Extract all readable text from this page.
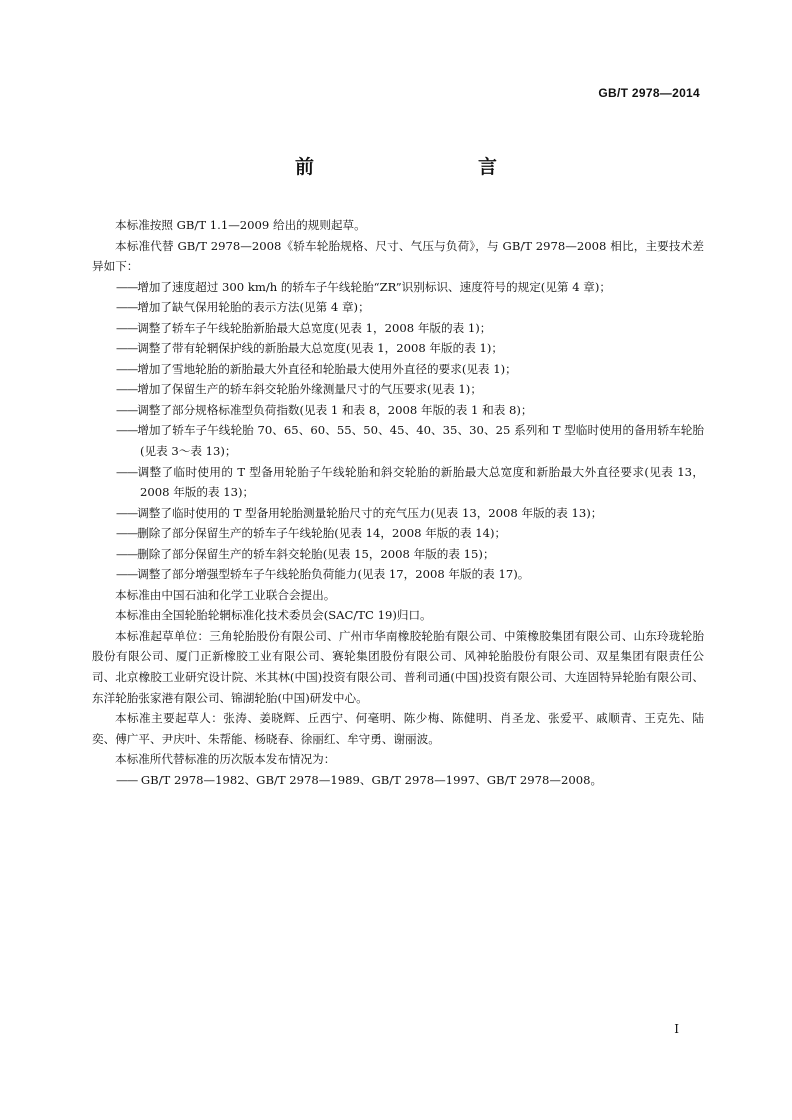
GB/T 2978—2014
前　　言
本标准按照 GB/T 1.1—2009 给出的规则起草。
本标准代替 GB/T 2978—2008《轿车轮胎规格、尺寸、气压与负荷》，与 GB/T 2978—2008 相比，主要技术差异如下：
——增加了速度超过 300 km/h 的轿车子午线轮胎“ZR”识别标识、速度符号的规定(见第 4 章)；
——增加了缺气保用轮胎的表示方法(见第 4 章)；
——调整了轿车子午线轮胎新胎最大总宽度(见表 1，2008 年版的表 1)；
——调整了带有轮辋保护线的新胎最大总宽度(见表 1，2008 年版的表 1)；
——增加了雪地轮胎的新胎最大外直径和轮胎最大使用外直径的要求(见表 1)；
——增加了保留生产的轿车斜交轮胎外缘测量尺寸的气压要求(见表 1)；
——调整了部分规格标准型负荷指数(见表 1 和表 8，2008 年版的表 1 和表 8)；
——增加了轿车子午线轮胎 70、65、60、55、50、45、40、35、30、25 系列和 T 型临时使用的备用轿车轮胎(见表 3～表 13)；
——调整了临时使用的 T 型备用轮胎子午线轮胎和斜交轮胎的新胎最大总宽度和新胎最大外直径要求(见表 13，2008 年版的表 13)；
——调整了临时使用的 T 型备用轮胎测量轮胎尺寸的充气压力(见表 13，2008 年版的表 13)；
——删除了部分保留生产的轿车子午线轮胎(见表 14，2008 年版的表 14)；
——删除了部分保留生产的轿车斜交轮胎(见表 15，2008 年版的表 15)；
——调整了部分增强型轿车子午线轮胎负荷能力(见表 17，2008 年版的表 17)。
本标准由中国石油和化学工业联合会提出。
本标准由全国轮胎轮辋标准化技术委员会(SAC/TC 19)归口。
本标准起草单位：三角轮胎股份有限公司、广州市华南橡胶轮胎有限公司、中策橡胶集团有限公司、山东玲珑轮胎股份有限公司、厦门正新橡胶工业有限公司、赛轮集团股份有限公司、风神轮胎股份有限公司、双星集团有限责任公司、北京橡胶工业研究设计院、米其林(中国)投资有限公司、普利司通(中国)投资有限公司、大连固特异轮胎有限公司、东洋轮胎张家港有限公司、锦湖轮胎(中国)研发中心。
本标准主要起草人：张涛、姜晓辉、丘西宁、何毫明、陈少梅、陈健明、肖圣龙、张爱平、戚顺青、王克先、陆奕、傅广平、尹庆叶、朱帮能、杨晓春、徐丽红、牟守勇、谢丽波。
本标准所代替标准的历次版本发布情况为：
—— GB/T 2978—1982、GB/T 2978—1989、GB/T 2978—1997、GB/T 2978—2008。
I
